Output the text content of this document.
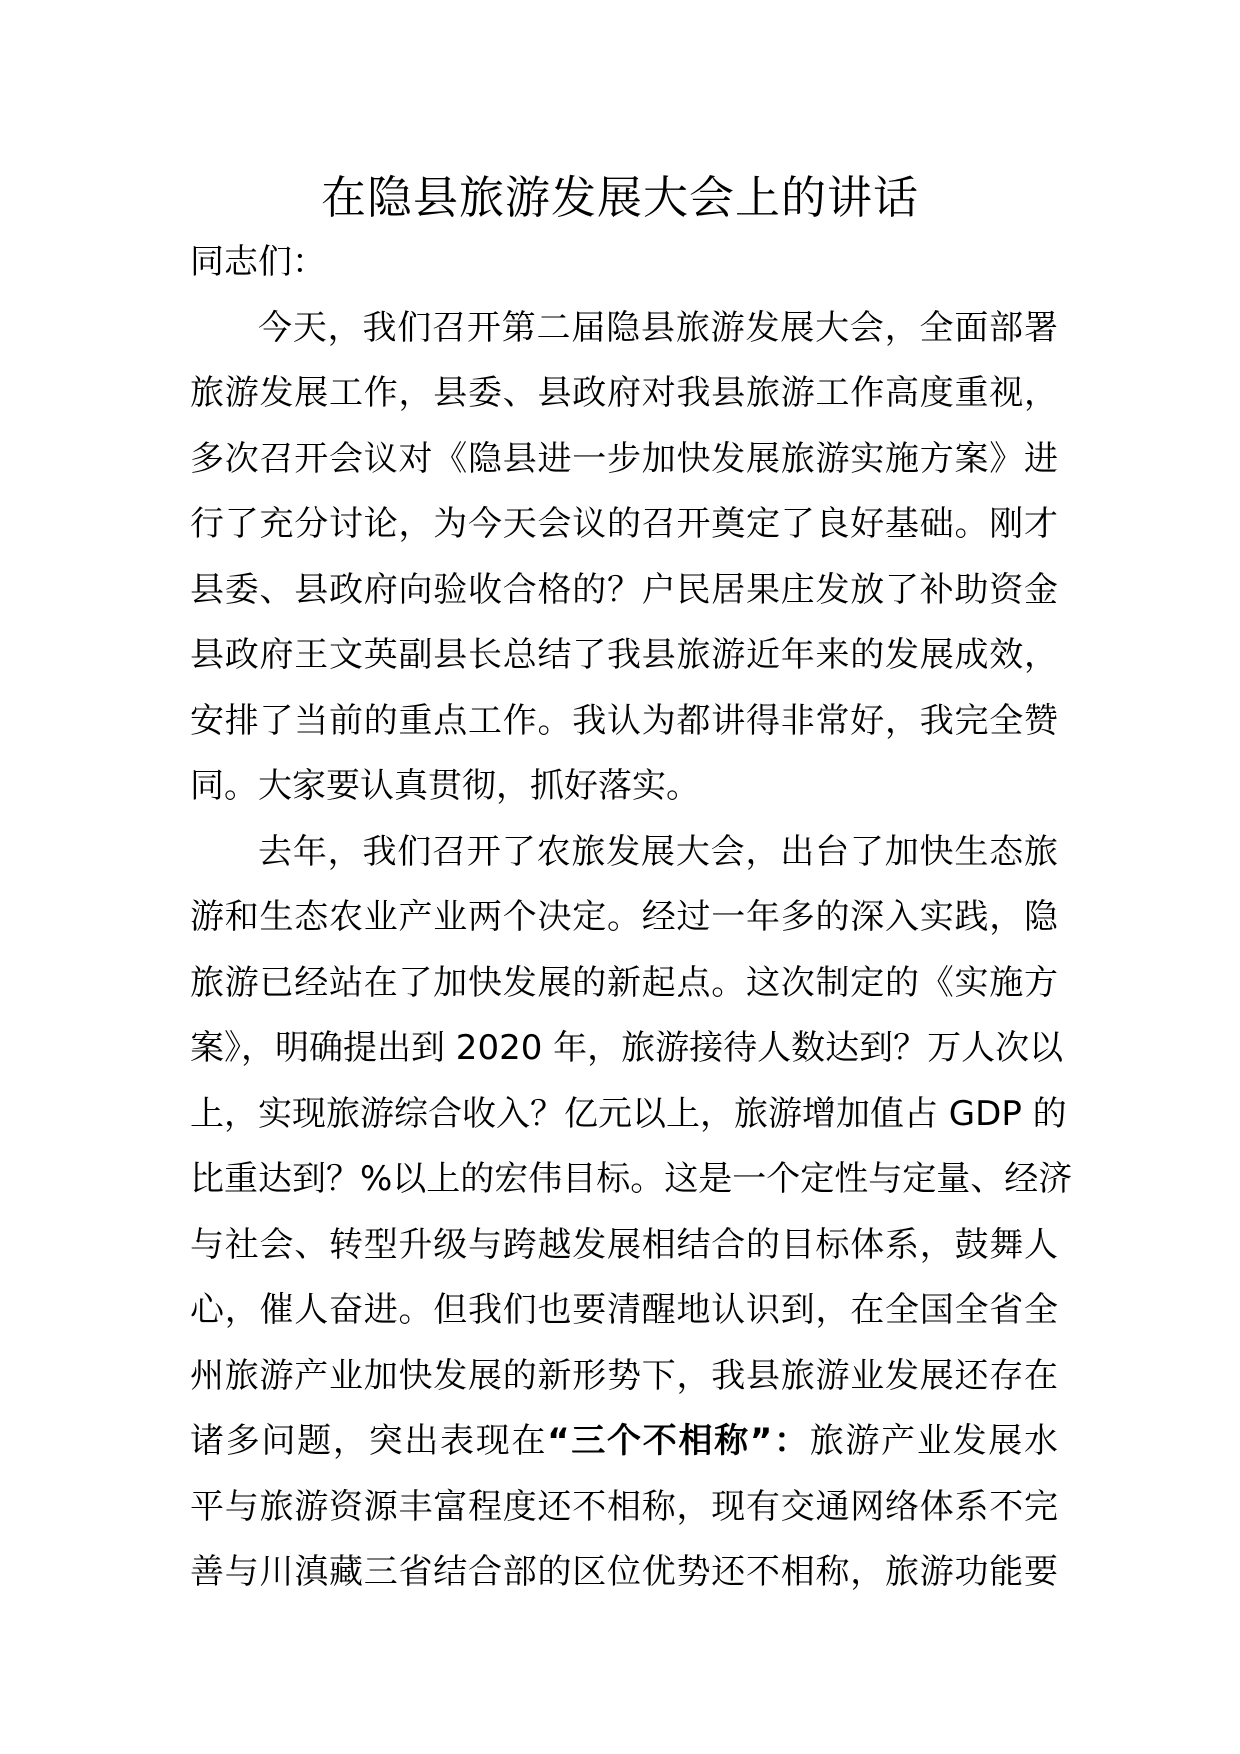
在隐县旅游发展大会上的讲话

同志们：

今天，我们召开第二届隐县旅游发展大会，全面部署
旅游发展工作，县委、县政府对我县旅游工作高度重视，
多次召开会议对《隐县进一步加快发展旅游实施方案》进
行了充分讨论，为今天会议的召开奠定了良好基础。刚才
县委、县政府向验收合格的？户民居果庄发放了补助资金
县政府王文英副县长总结了我县旅游近年来的发展成效，
安排了当前的重点工作。我认为都讲得非常好，我完全赞
同。大家要认真贯彻，抓好落实。

去年，我们召开了农旅发展大会，出台了加快生态旅
游和生态农业产业两个决定。经过一年多的深入实践，隐
旅游已经站在了加快发展的新起点。这次制定的《实施方
案》，明确提出到 2020 年，旅游接待人数达到？万人次以
上，实现旅游综合收入？亿元以上，旅游增加值占 GDP 的
比重达到？%以上的宏伟目标。这是一个定性与定量、经济
与社会、转型升级与跨越发展相结合的目标体系，鼓舞人
心，催人奋进。但我们也要清醒地认识到，在全国全省全
州旅游产业加快发展的新形势下，我县旅游业发展还存在
诸多问题，突出表现在“三个不相称”：旅游产业发展水
平与旅游资源丰富程度还不相称，现有交通网络体系不完
善与川滇藏三省结合部的区位优势还不相称，旅游功能要
